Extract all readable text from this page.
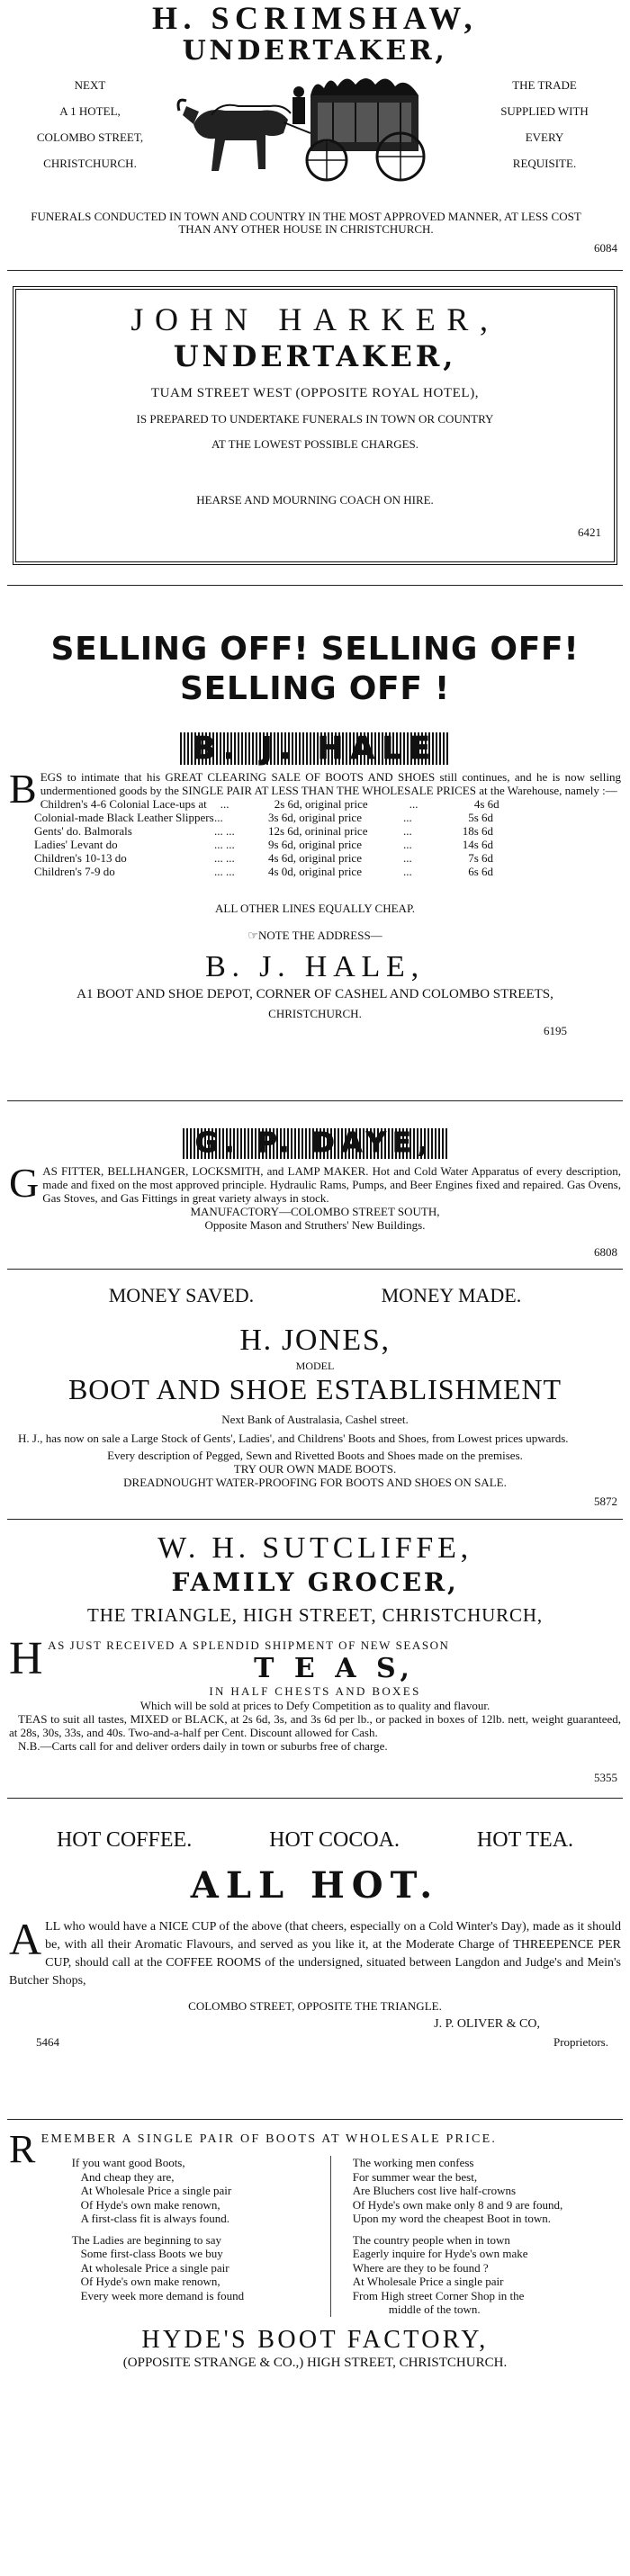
H. SCRIMSHAW,
UNDERTAKER,
NEXT
A 1 HOTEL,
COLOMBO STREET,
CHRISTCHURCH.
THE TRADE
SUPPLIED WITH
EVERY
REQUISITE.
FUNERALS CONDUCTED IN TOWN AND COUNTRY IN THE MOST APPROVED MANNER, AT LESS COST THAN ANY OTHER HOUSE IN CHRISTCHURCH.
6084
JOHN HARKER,
UNDERTAKER,
TUAM STREET WEST (OPPOSITE ROYAL HOTEL),
IS PREPARED TO UNDERTAKE FUNERALS IN TOWN OR COUNTRY
AT THE LOWEST POSSIBLE CHARGES.
HEARSE AND MOURNING COACH ON HIRE.
6421
SELLING OFF! SELLING OFF!
SELLING OFF !
B. J. HALE
BEGS to intimate that his GREAT CLEARING SALE OF BOOTS AND SHOES still continues, and he is now selling undermentioned goods by the SINGLE PAIR AT LESS THAN THE WHOLESALE PRICES at the Warehouse, namely :—
Children's 4-6 Colonial Lace-ups at	...	2s 6d, original price	...	4s 6d
Colonial-made Black Leather Slippers ...	3s 6d, original price	...	5s 6d
Gents' do. Balmorals	... ...	12s 6d, orininal price	...	18s 6d
Ladies' Levant do	... ...	9s 6d, original price	...	14s 6d
Children's 10-13 do	... ...	4s 6d, original price	...	7s 6d
Children's 7-9 do	... ...	4s 0d, original price	...	6s 6d
ALL OTHER LINES EQUALLY CHEAP.
☞NOTE THE ADDRESS—
B. J. HALE,
A1 BOOT AND SHOE DEPOT, CORNER OF CASHEL AND COLOMBO STREETS,
CHRISTCHURCH.
6195
G. P. DAYE,
GAS FITTER, BELLHANGER, LOCKSMITH, and LAMP MAKER. Hot and Cold Water Apparatus of every description, made and fixed on the most approved principle. Hydraulic Rams, Pumps, and Beer Engines fixed and repaired. Gas Ovens, Gas Stoves, and Gas Fittings in great variety always in stock.
MANUFACTORY—COLOMBO STREET SOUTH,
Opposite Mason and Struthers' New Buildings.
6808
MONEY SAVED.	MONEY MADE.
H. JONES,
MODEL
BOOT AND SHOE ESTABLISHMENT
Next Bank of Australasia, Cashel street.
H. J., has now on sale a Large Stock of Gents', Ladies', and Childrens' Boots and Shoes, from Lowest prices upwards.
Every description of Pegged, Sewn and Rivetted Boots and Shoes made on the premises.
TRY OUR OWN MADE BOOTS.
DREADNOUGHT WATER-PROOFING FOR BOOTS AND SHOES ON SALE.
5872
W. H. SUTCLIFFE,
FAMILY GROCER,
THE TRIANGLE, HIGH STREET, CHRISTCHURCH,
HAS JUST RECEIVED A SPLENDID SHIPMENT OF NEW SEASON
T E A S,
IN HALF CHESTS AND BOXES
Which will be sold at prices to Defy Competition as to quality and flavour.
TEAS to suit all tastes, MIXED or BLACK, at 2s 6d, 3s, and 3s 6d per lb., or packed in boxes of 12lb. nett, weight guaranteed, at 28s, 30s, 33s, and 40s. Two-and-a-half per Cent. Discount allowed for Cash.
N.B.—Carts call for and deliver orders daily in town or suburbs free of charge.
5355
HOT COFFEE.	HOT COCOA.	HOT TEA.
ALL HOT.
ALL who would have a NICE CUP of the above (that cheers, especially on a Cold Winter's Day), made as it should be, with all their Aromatic Flavours, and served as you like it, at the Moderate Charge of THREEPENCE PER CUP, should call at the COFFEE ROOMS of the undersigned, situated between Langdon and Judge's and Mein's Butcher Shops,
COLOMBO STREET, OPPOSITE THE TRIANGLE.
J. P. OLIVER & CO,
5464	Proprietors.
REMEMBER A SINGLE PAIR OF BOOTS AT WHOLESALE PRICE.
If you want good Boots,
And cheap they are,
At Wholesale Price a single pair
Of Hyde's own make renown,
A first-class fit is always found.
The Ladies are beginning to say
Some first-class Boots we buy
At wholesale Price a single pair
Of Hyde's own make renown,
Every week more demand is found
The working men confess
For summer wear the best,
Are Bluchers cost live half-crowns
Of Hyde's own make only 8 and 9 are found,
Upon my word the cheapest Boot in town.
The country people when in town
Eagerly inquire for Hyde's own make
Where are they to be found ?
At Wholesale Price a single pair
From High street Corner Shop in the
middle of the town.
HYDE'S BOOT FACTORY,
(OPPOSITE STRANGE & CO.,) HIGH STREET, CHRISTCHURCH.
